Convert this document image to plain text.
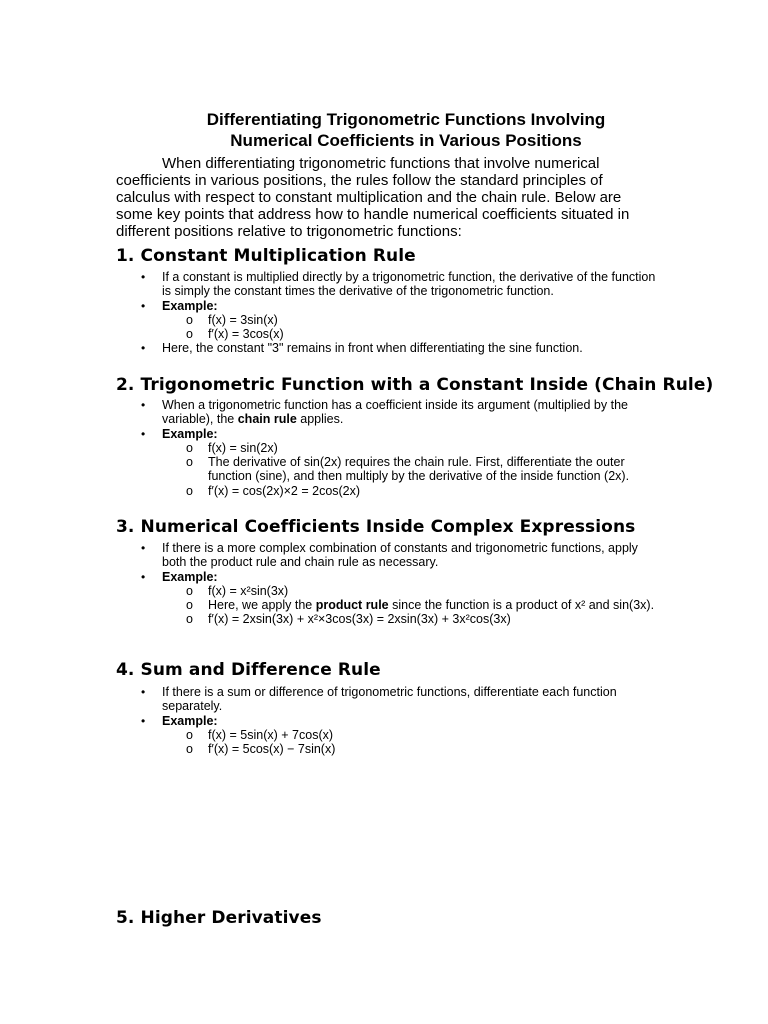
Differentiating Trigonometric Functions Involving
Numerical Coefficients in Various Positions

When differentiating trigonometric functions that involve numerical coefficients in various positions, the rules follow the standard principles of calculus with respect to constant multiplication and the chain rule. Below are some key points that address how to handle numerical coefficients situated in different positions relative to trigonometric functions:

1. Constant Multiplication Rule
• If a constant is multiplied directly by a trigonometric function, the derivative of the function is simply the constant times the derivative of the trigonometric function.
• Example:
o f(x) = 3sin(x)
o f′(x) = 3cos(x)
• Here, the constant "3" remains in front when differentiating the sine function.
2. Trigonometric Function with a Constant Inside (Chain Rule)
• When a trigonometric function has a coefficient inside its argument (multiplied by the variable), the chain rule applies.
• Example:
o f(x) = sin(2x)
o The derivative of sin(2x) requires the chain rule. First, differentiate the outer function (sine), and then multiply by the derivative of the inside function (2x).
o f′(x) = cos(2x)×2 = 2cos(2x)
3. Numerical Coefficients Inside Complex Expressions
• If there is a more complex combination of constants and trigonometric functions, apply both the product rule and chain rule as necessary.
• Example:
o f(x) = x²sin(3x)
o Here, we apply the product rule since the function is a product of x² and sin(3x).
o f′(x) = 2xsin(3x) + x²×3cos(3x) = 2xsin(3x) + 3x²cos(3x)
4. Sum and Difference Rule
• If there is a sum or difference of trigonometric functions, differentiate each function separately.
• Example:
o f(x) = 5sin(x) + 7cos(x)
o f′(x) = 5cos(x) − 7sin(x)
5. Higher Derivatives
